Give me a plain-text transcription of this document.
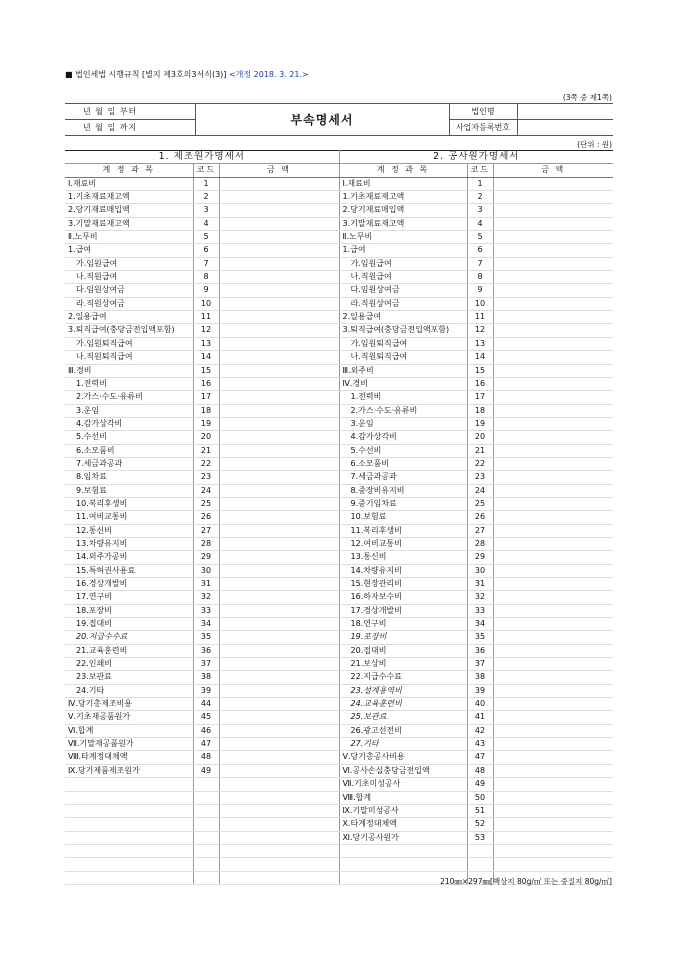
■ 법인세법 시행규칙 [별지 제3호의3서식(3)] <개정 2018. 3. 21.>
(3쪽 중 제1쪽)
년 월 일 부터	부속명세서	법인명	
년 월 일 까지		사업자등록번호	
(단위 : 원)
1. 제조원가명세서			2. 공사원가명세서		
계 정 과 목	코드	금 액	계 정 과 목	코드	금 액
Ⅰ.재료비	1		Ⅰ.재료비	1	
1.기초재료재고액	2		1.기초재료재고액	2	
2.당기재료매입액	3		2.당기재료매입액	3	
3.기말재료재고액	4		3.기말재료재고액	4	
Ⅱ.노무비	5		Ⅱ.노무비	5	
1.급여	6		1.급여	6	
가.임원급여	7		가.임원급여	7	
나.직원급여	8		나.직원급여	8	
다.임원상여금	9		다.임원상여금	9	
라.직원상여금	10		라.직원상여금	10	
2.일용급여	11		2.일용급여	11	
3.퇴직급여(충당금전입액포함)	12		3.퇴직급여(충당금전입액포함)	12	
가.임원퇴직급여	13		가.임원퇴직급여	13	
나.직원퇴직급여	14		나.직원퇴직급여	14	
Ⅲ.경비	15		Ⅲ.외주비	15	
1.전력비	16		Ⅳ.경비	16	
2.가스·수도·유류비	17		1.전력비	17	
3.운임	18		2.가스·수도·유류비	18	
4.감가상각비	19		3.운임	19	
5.수선비	20		4.감가상각비	20	
6.소모품비	21		5.수선비	21	
7.세금과공과	22		6.소모품비	22	
8.임차료	23		7.세금과공과	23	
9.보험료	24		8.중장비유지비	24	
10.복리후생비	25		9.중기임차료	25	
11.여비교통비	26		10.보험료	26	
12.통신비	27		11.복리후생비	27	
13.차량유지비	28		12.여비교통비	28	
14.외주가공비	29		13.통신비	29	
15.특허권사용료	30		14.차량유지비	30	
16.경상개발비	31		15.현장관리비	31	
17.연구비	32		16.하자보수비	32	
18.포장비	33		17.경상개발비	33	
19.접대비	34		18.연구비	34	
20.지급수수료	35		19.포장비	35	
21.교육훈련비	36		20.접대비	36	
22.인쇄비	37		21.보상비	37	
23.보관료	38		22.지급수수료	38	
24.기타	39		23.설계용역비	39	
Ⅳ.당기총제조비용	44		24.교육훈련비	40	
Ⅴ.기초재공품원가	45		25.보관료	41	
Ⅵ.합계	46		26.광고선전비	42	
Ⅶ.기말재공품원가	47		27.기타	43	
Ⅷ.타계정대체액	48		Ⅴ.당기총공사비용	47	
Ⅸ.당기제품제조원가	49		Ⅵ.공사손실충당금전입액	48	
			Ⅶ.기초미성공사	49	
			Ⅷ.합계	50	
			Ⅸ.기말미성공사	51	
			Ⅹ.타계정대체액	52	
			Ⅺ.당기공사원가	53	

210㎜×297㎜[백상지 80g/㎡ 또는 중질지 80g/㎡]
